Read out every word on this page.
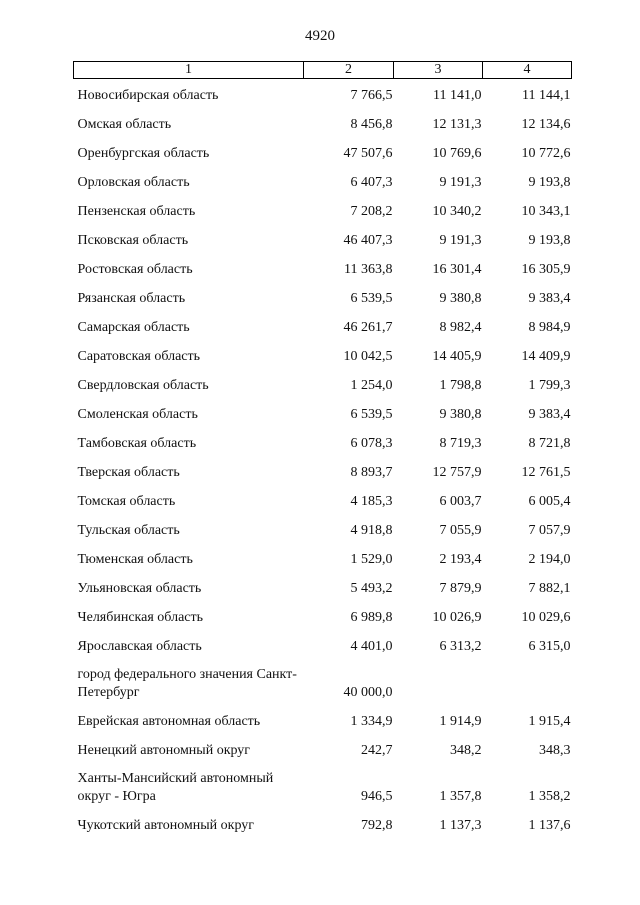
4920
1	2	3	4
Новосибирская область	7 766,5	11 141,0	11 144,1
Омская область	8 456,8	12 131,3	12 134,6
Оренбургская область	47 507,6	10 769,6	10 772,6
Орловская область	6 407,3	9 191,3	9 193,8
Пензенская область	7 208,2	10 340,2	10 343,1
Псковская область	46 407,3	9 191,3	9 193,8
Ростовская область	11 363,8	16 301,4	16 305,9
Рязанская область	6 539,5	9 380,8	9 383,4
Самарская область	46 261,7	8 982,4	8 984,9
Саратовская область	10 042,5	14 405,9	14 409,9
Свердловская область	1 254,0	1 798,8	1 799,3
Смоленская область	6 539,5	9 380,8	9 383,4
Тамбовская область	6 078,3	8 719,3	8 721,8
Тверская область	8 893,7	12 757,9	12 761,5
Томская область	4 185,3	6 003,7	6 005,4
Тульская область	4 918,8	7 055,9	7 057,9
Тюменская область	1 529,0	2 193,4	2 194,0
Ульяновская область	5 493,2	7 879,9	7 882,1
Челябинская область	6 989,8	10 026,9	10 029,6
Ярославская область	4 401,0	6 313,2	6 315,0
город федерального значения Санкт-Петербург	40 000,0		
Еврейская автономная область	1 334,9	1 914,9	1 915,4
Ненецкий автономный округ	242,7	348,2	348,3
Ханты-Мансийский автономный округ - Югра	946,5	1 357,8	1 358,2
Чукотский автономный округ	792,8	1 137,3	1 137,6
